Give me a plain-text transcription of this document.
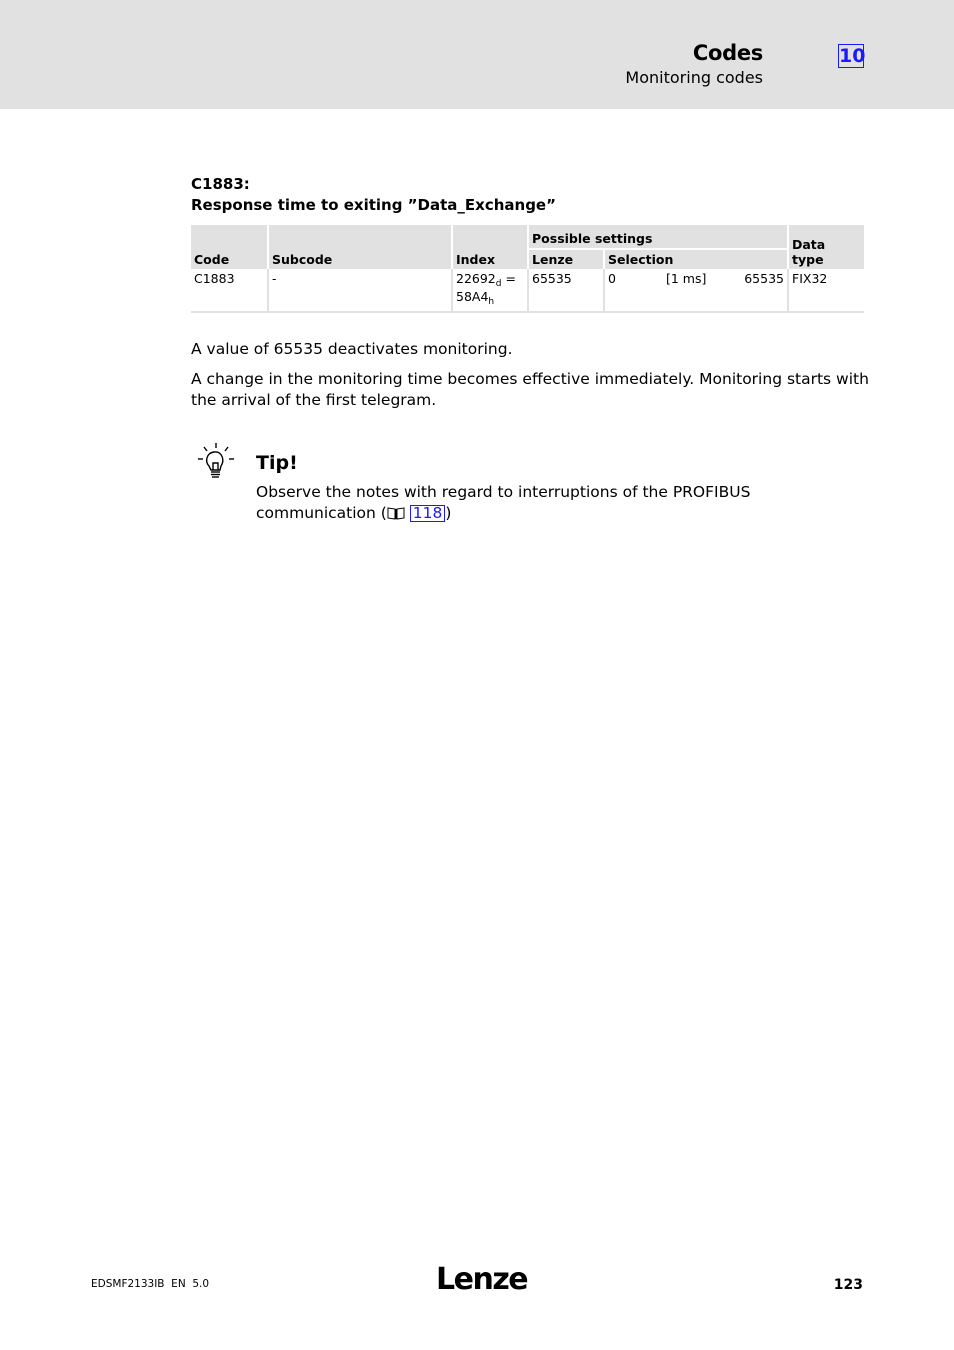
Codes
Monitoring codes
10
C1883:
Response time to exiting ”Data_Exchange”
Code	Subcode	Index	Possible settings		Data type
			Lenze	Selection	
C1883	-	$22692_d$ =
$58A4_h$	65535	0 [1 ms] 65535	FIX32
A value of 65535 deactivates monitoring.
A change in the monitoring time becomes effective immediately. Monitoring starts with the arrival of the first telegram.
Tip!
Observe the notes with regard to interruptions of the PROFIBUS communication ( 118 )
EDSMF2133IB  EN  5.0	Lenze	123
